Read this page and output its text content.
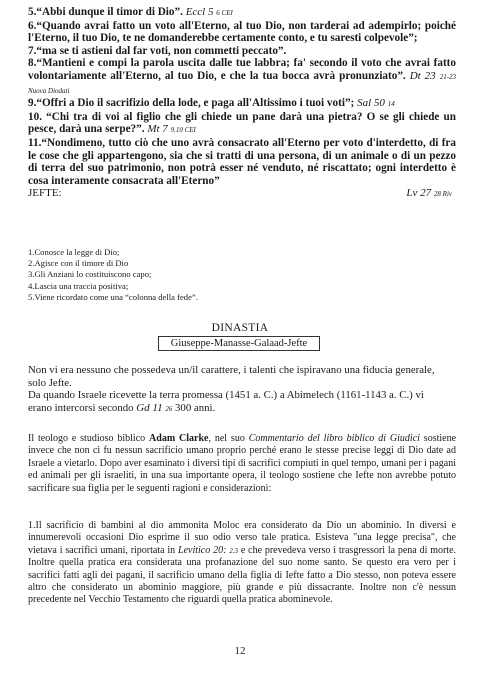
5.“Abbi dunque il timor di Dio”. Eccl 5 6 CEI

6.“Quando avrai fatto un voto all'Eterno, al tuo Dio, non tarderai ad adempirlo; poiché l'Eterno, il tuo Dio, te ne domanderebbe certamente conto, e tu saresti colpevole”;

7.“ma se ti astieni dal far voti, non commetti peccato”.

8.“Mantieni e compi la parola uscita dalle tue labbra; fa' secondo il voto che avrai fatto volontariamente all'Eterno, al tuo Dio, e che la tua bocca avrà pronunziato”. Dt 23 21-23 Nuova Diodati

9.“Offri a Dio il sacrifizio della lode, e paga all'Altissimo i tuoi voti”; Sal 50 14

10. “Chi tra di voi al figlio che gli chiede un pane darà una pietra? O se gli chiede un pesce, darà una serpe?”. Mt 7 9.10 CEI

11.“Nondimeno, tutto ciò che uno avrà consacrato all'Eterno per voto d'interdetto, di fra le cose che gli appartengono, sia che si tratti di una persona, di un animale o di un pezzo di terra del suo patrimonio, non potrà esser né venduto, né riscattato; ogni interdetto è cosa interamente consacrata all'Eterno”

JEFTE:	Lv 27 28 Riv
1.Conosce la legge di Dio;
2.Agisce con il timore di Dio
3.Gli Anziani lo costituiscono capo;
4.Lascia una traccia positiva;
5.Viene ricordato come una “colonna della fede”.
DINASTIA
Giuseppe-Manasse-Galaad-Jefte

Non vi era nessuno che possedeva un/il carattere, i talenti che ispiravano una fiducia generale, solo Jefte.

Da quando Israele ricevette la terra promessa (1451 a. C.) a Abimelech (1161-1143 a. C.) vi erano intercorsi secondo Gd 11 26 300 anni.

Il teologo e studioso biblico Adam Clarke, nel suo Commentario del libro biblico di Giudici sostiene invece che non ci fu nessun sacrificio umano proprio perché erano le stesse precise leggi di Dio date ad Israele a vietarlo. Dopo aver esaminato i diversi tipi di sacrifici compiuti in quel tempo, umani per i pagani ed animali per gli israeliti, in una sua importante opera, il teologo sostiene che Iefte non avrebbe potuto sacrificare sua figlia per le seguenti ragioni e considerazioni:

1.Il sacrificio di bambini al dio ammonita Moloc era considerato da Dio un abominio. In diversi e innumerevoli occasioni Dio esprime il suo odio verso tale pratica. Esisteva "una legge precisa", che vietava i sacrifici umani, riportata in Levitico 20: 2.3 e che prevedeva verso i trasgressori la pena di morte. Inoltre quella pratica era considerata una profanazione del suo nome santo. Se questo era vero per i sacrifici fatti agli dei pagani, il sacrificio umano della figlia di Iefte fatto a Dio stesso, non poteva essere altro che considerato un abominio maggiore, più grande e più dissacrante. Inoltre non c'è nessun precedente nel Vecchio Testamento che riguardi quella pratica abominevole.

12
